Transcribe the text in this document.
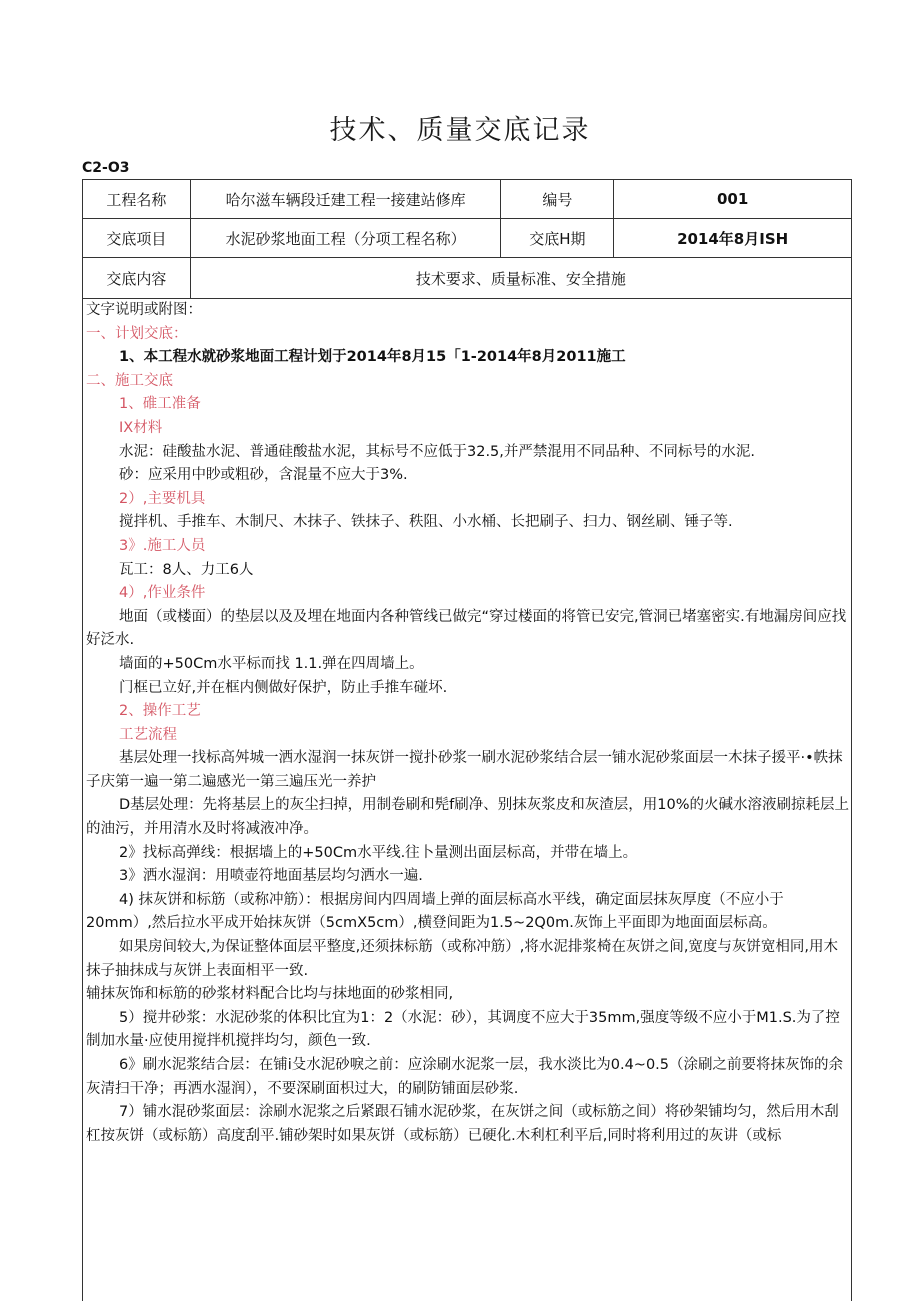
技术、质量交底记录
C2-O3
工程名称	哈尔滋车辆段迁建工程一接建站修库	编号	001
交底项目	水泥砂浆地面工程（分项工程名称）	交底H期	2014年8月ISH
交底内容	技术要求、质量标准、安全措施		

文字说明或附图：

一、计划交底：

1、本工程水就砂浆地面工程计划于2014年8月15「1-2014年8月2011施工

二、施工交底

1、碓工准备

IX材料

水泥：硅酸盐水泥、普通硅酸盐水泥，其标号不应低于32.5,并严禁混用不同品种、不同标号的水泥.

砂：应采用中眇或粗砂，含混量不应大于3%.

2）,主要机具

搅拌机、手推车、木制尺、木抹子、铁抹子、秩阻、小水桶、长把刷子、扫力、钢丝刷、锤子等.

3》.施工人员

瓦工：8人、力工6人

4）,作业条件

地面（或楼面）的垫层以及及埋在地面内各种管线已做完“穿过楼面的将管已安完,管洞已堵塞密实.有地漏房间应找好泛水.

墙面的+50Cm水平标而找 1.1.弹在四周墙上。

门框已立好,并在框内侧做好保护，防止手推车碰坏.

2、操作工艺

工艺流程

基层处理一找标高舛城一洒水湿润一抹灰饼一搅扑砂浆一刷水泥砂浆结合层一铺水泥砂浆面层一木抹子援平·•帙抹子庆第一遍一第二遍感光一第三遍压光一养护

D基层处理：先将基层上的灰尘扫掉，用制卷刷和髡f刷净、别抹灰浆皮和灰渣层，用10%的火碱水溶液刷掠耗层上的油污，并用清水及时将减液冲净。

2》找标高弹线：根据墙上的+50Cm水平线.往卜量测出面层标高，并带在墙上。

3》洒水湿润：用喷壶符地面基层均匀洒水一遍.

4) 抹灰饼和标筋（或称冲筋）：根据房间内四周墙上弹的面层标高水平线，确定面层抹灰厚度（不应小于20mm）,然后拉水平成开始抹灰饼（5cmX5cm）,横登间距为1.5~2Q0m.灰饰上平面即为地面面层标高。

如果房间较大,为保证整体面层平整度,还须抹标筋（或称冲筋）,将水泥排浆椅在灰饼之间,宽度与灰饼宽相同,用木抹子抽抹成与灰饼上表面相平一致.

辅抹灰饰和标筋的砂浆材料配合比均与抹地面的砂浆相同,

5）搅井砂浆：水泥砂浆的体积比宜为1：2（水泥：砂），其调度不应大于35mm,强度等级不应小于M1.S.为了控制加水量·应使用搅拌机搅拌均匀，颜色一致.

6》刷水泥浆结合层：在铺i殳水泥砂唳之前：应涂刷水泥浆一层，我水淡比为0.4~0.5（涂刷之前要将抹灰饰的余灰清扫干净；再洒水湿润），不要深刷面枳过大，的刷防铺面层砂浆.

7）铺水混砂浆面层：涂刷水泥浆之后紧跟石铺水泥砂浆，在灰饼之间（或标筋之间）将砂架铺均匀，然后用木刮杠按灰饼（或标筋）高度刮平.铺砂架时如果灰饼（或标筋）已硬化.木利杠利平后,同时将利用过的灰讲（或标
